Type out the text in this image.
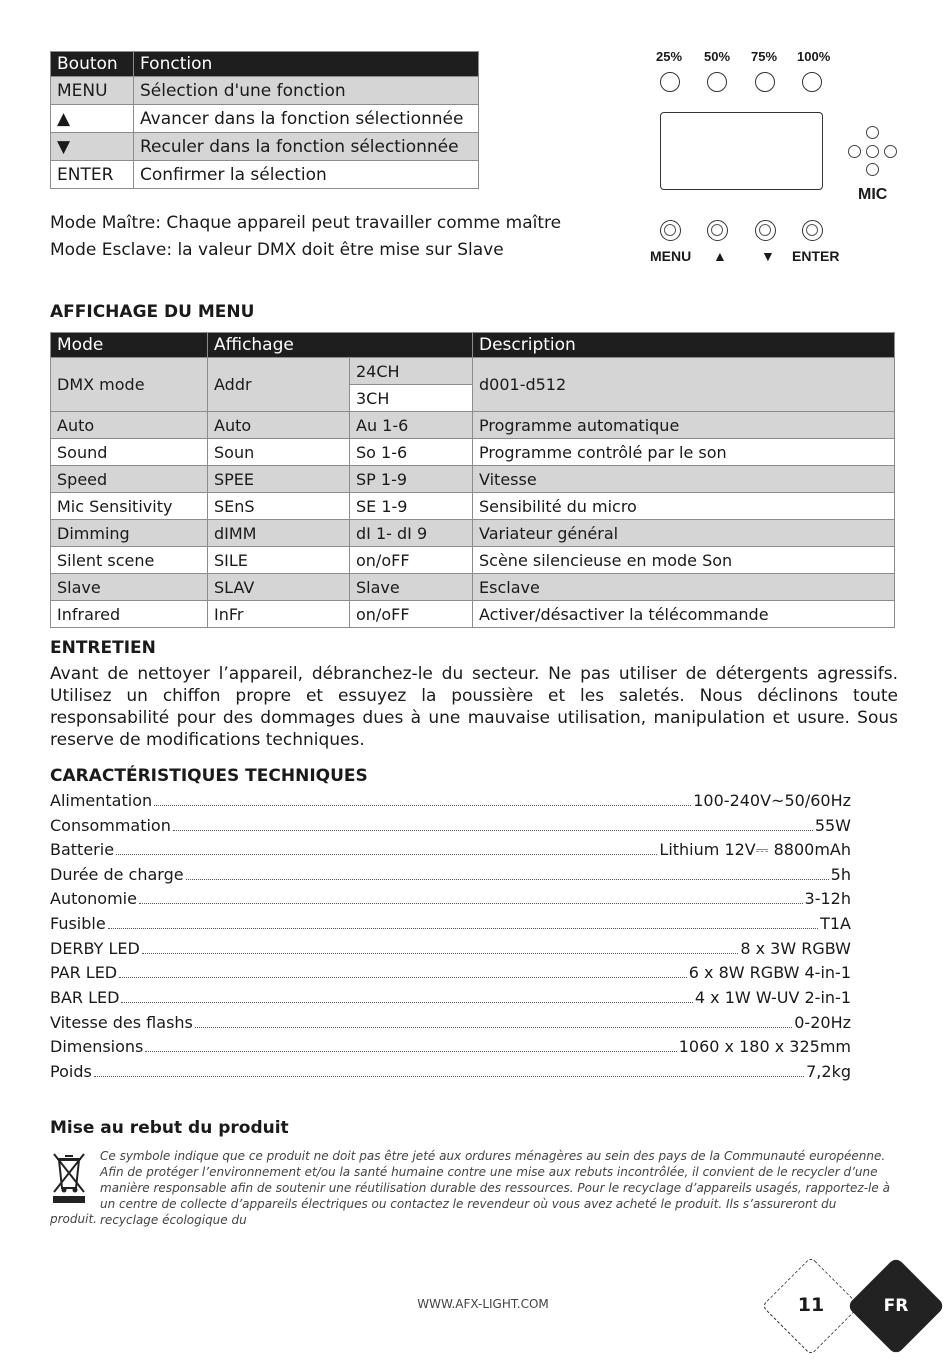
Bouton	Fonction
MENU	Sélection d'une fonction
▲	Avancer dans la fonction sélectionnée
▼	Reculer dans la fonction sélectionnée
ENTER	Confirmer la sélection
Mode Maître: Chaque appareil peut travailler comme maître
Mode Esclave: la valeur DMX doit être mise sur Slave
25% 50% 75% 100%
MIC
MENU ▲ ▼ ENTER
AFFICHAGE DU MENU
Mode	Affichage		Description
DMX mode	Addr	24CH	d001-d512
		3CH	
Auto	Auto	Au 1-6	Programme automatique
Sound	Soun	So 1-6	Programme contrôlé par le son
Speed	SPEE	SP 1-9	Vitesse
Mic Sensitivity	SEnS	SE 1-9	Sensibilité du micro
Dimming	dIMM	dI 1- dI 9	Variateur général
Silent scene	SILE	on/oFF	Scène silencieuse en mode Son
Slave	SLAV	Slave	Esclave
Infrared	InFr	on/oFF	Activer/désactiver la télécommande
ENTRETIEN

Avant de nettoyer l’appareil, débranchez-le du secteur. Ne pas utiliser de détergents agressifs. Utilisez un chiffon propre et essuyez la poussière et les saletés. Nous déclinons toute responsabilité pour des dommages dues à une mauvaise utilisation, manipulation et usure. Sous reserve de modifications techniques.

CARACTÉRISTIQUES TECHNIQUES
Alimentation	100-240V~50/60Hz
Consommation	55W
Batterie	Lithium 12V⎓ 8800mAh
Durée de charge	5h
Autonomie	3-12h
Fusible	T1A
DERBY LED	8 x 3W RGBW
PAR LED	6 x 8W RGBW 4-in-1
BAR LED	4 x 1W W-UV 2-in-1
Vitesse des flashs	0-20Hz
Dimensions	1060 x 180 x 325mm
Poids	7,2kg
Mise au rebut du produit

Ce symbole indique que ce produit ne doit pas être jeté aux ordures ménagères au sein des pays de la Communauté européenne. Afin de protéger l’environnement et/ou la santé humaine contre une mise aux rebuts incontrôlée, il convient de le recycler d’une manière responsable afin de soutenir une réutilisation durable des ressources. Pour le recyclage d’appareils usagés, rapportez-le à un centre de collecte d’appareils électriques ou contactez le revendeur où vous avez acheté le produit. Ils s’assureront du recyclage écologique du

produit.
WWW.AFX-LIGHT.COM	11	FR
